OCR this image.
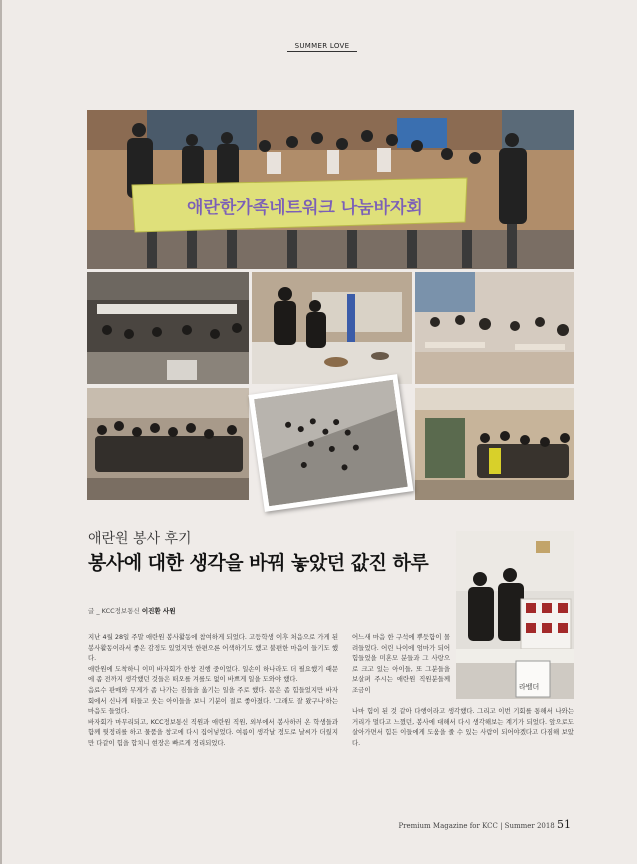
SUMMER LOVE
애란한가족네트워크 나눔바자회
애란원 봉사 후기
봉사에 대한 생각을 바꿔 놓았던 값진 하루
글 _ KCC정보통신 이진환 사원
라벨더

지난 4월 28일 주말 애란원 봉사활동에 참여하게 되었다. 고등학생 이후 처음으로 가게 된 봉사활동이라서 좋은 감정도 있었지만 한편으론 어색하기도 했고 불편한 마음이 들기도 했다.

애란원에 도착하니 이미 바자회가 한창 진행 중이었다. 일손이 하나라도 더 필요했기 때문에 좀 전까지 생각했던 것들은 떠오를 겨를도 없이 바쁘게 일을 도와야 했다.

음료수 판매와 무게가 좀 나가는 짐들을 옮기는 일을 주로 했다. 몸은 좀 힘들었지만 바자회에서 신나게 떠들고 웃는 아이들을 보니 기분이 절로 좋아졌다. '그래도 잘 왔구나'하는 마음도 들었다.

바자회가 마무리되고, KCC정보통신 직원과 애란원 직원, 외부에서 봉사하러 온 학생들과 함께 뒷정리를 하고 물품을 창고에 다시 집어넣었다. 여름이 생각날 정도로 날씨가 더웠지만 다같이 힘을 합치니 현장은 빠르게 정리되었다.

어느새 마음 한 구석에 뿌듯함이 몰려들었다. 어린 나이에 엄마가 되어 힘들었을 미혼모 분들과 그 사랑으로 크고 있는 아이들, 또 그분들을 보살펴 주시는 애란원 직원분들께 조금이

나마 힘이 된 것 같아 다행이라고 생각했다. 그리고 이번 기회를 통해서 나와는 거리가 멀다고 느꼈던, 봉사에 대해서 다시 생각해보는 계기가 되었다. 앞으로도 살아가면서 힘든 이들에게 도움을 줄 수 있는 사람이 되어야겠다고 다짐해 보았다.

Premium Magazine for KCC | Summer 2018 51
